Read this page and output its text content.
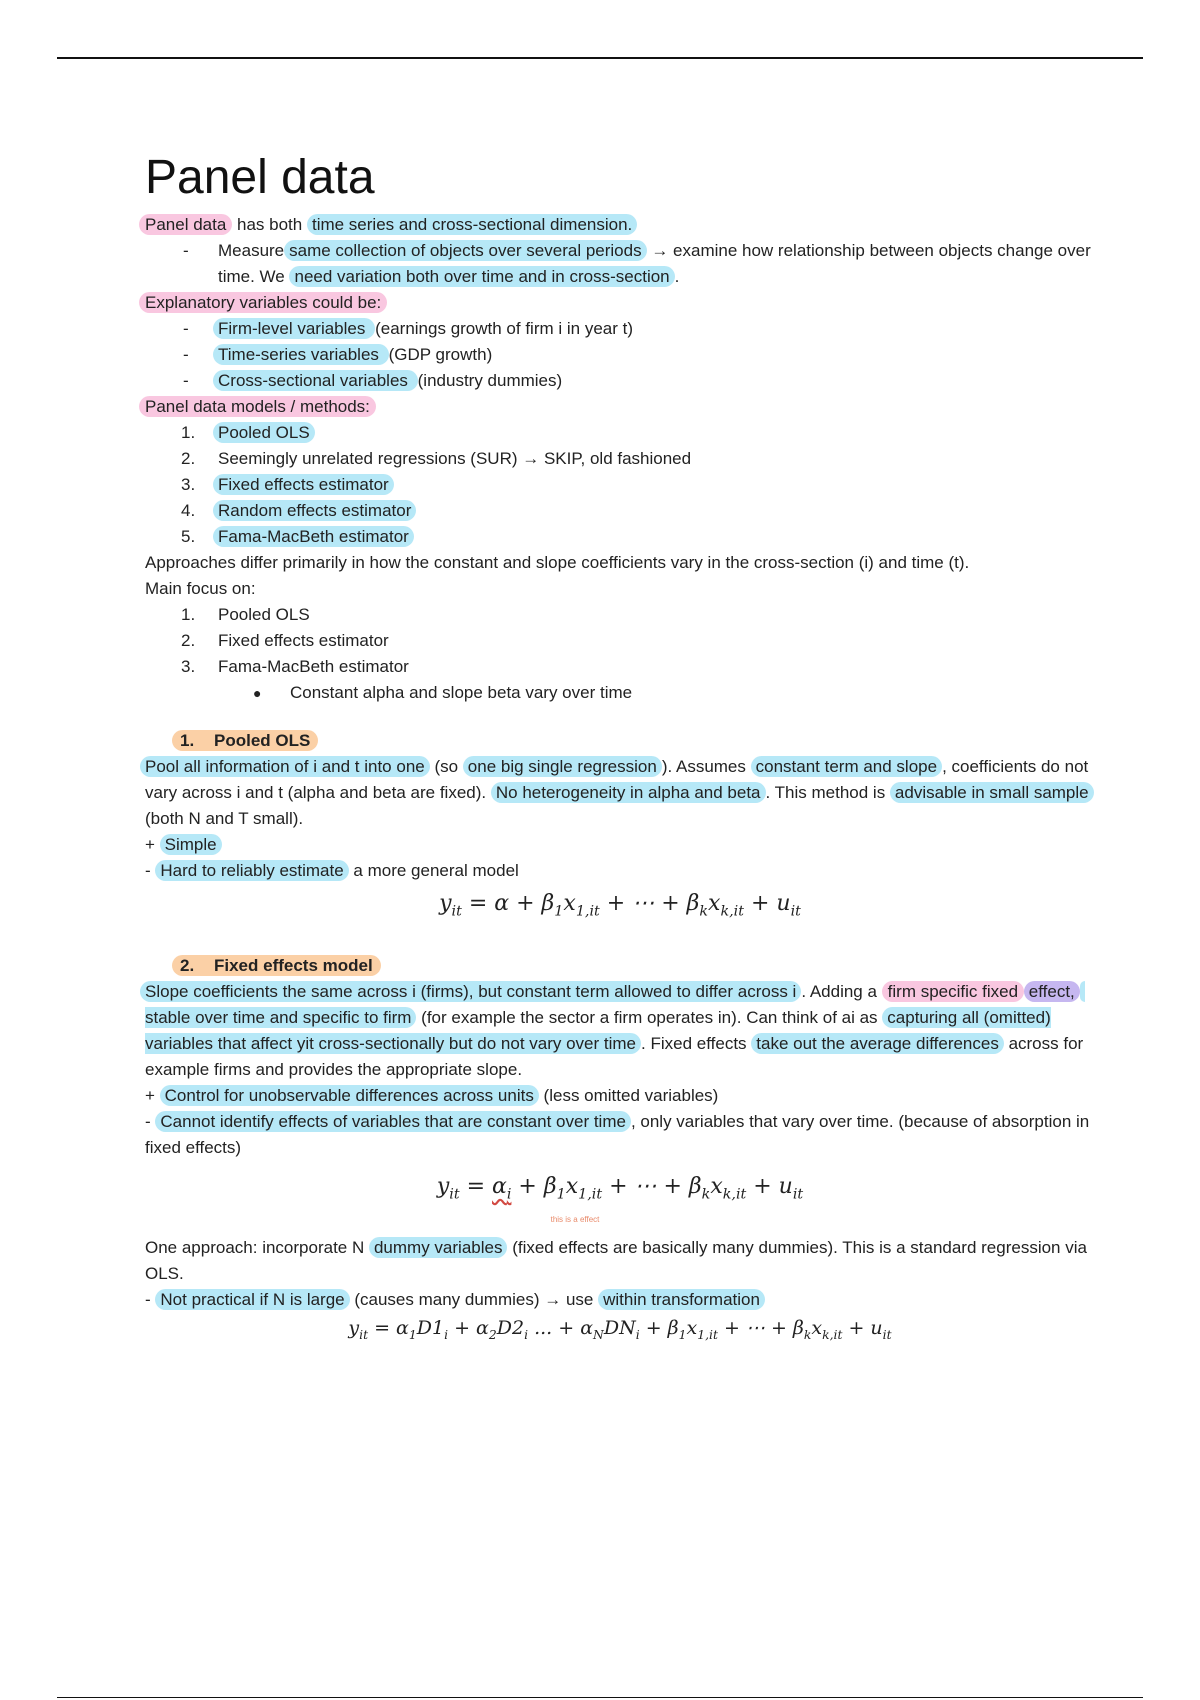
Panel data
Panel data has both time series and cross-sectional dimension.
-	Measure same collection of objects over several periods → examine how relationship between objects change over time. We need variation both over time and in cross-section .
Explanatory variables could be:
-	Firm-level variables (earnings growth of firm i in year t)
-	Time-series variables (GDP growth)
-	Cross-sectional variables (industry dummies)
Panel data models / methods:
1.	Pooled OLS
2.	Seemingly unrelated regressions (SUR) → SKIP, old fashioned
3.	Fixed effects estimator
4.	Random effects estimator
5.	Fama-MacBeth estimator
Approaches differ primarily in how the constant and slope coefficients vary in the cross-section (i) and time (t).
Main focus on:
1.	Pooled OLS
2.	Fixed effects estimator
3.	Fama-MacBeth estimator
●	Constant alpha and slope beta vary over time
1. Pooled OLS
Pool all information of i and t into one (so one big single regression ). Assumes constant term and slope , coefficients do not vary across i and t (alpha and beta are fixed). No heterogeneity in alpha and beta . This method is advisable in small sample (both N and T small).
+ Simple
- Hard to reliably estimate a more general model
$y_{it} = \alpha + \beta_1x_{1,it}$ + ⋯ + $\beta_kx_{k,it} + u_{it}$
2. Fixed effects model
Slope coefficients the same across i (firms), but constant term allowed to differ across i . Adding a firm specific fixed effect, stable over time and specific to firm (for example the sector a firm operates in). Can think of ai as capturing all (omitted) variables that affect yit cross-sectionally but do not vary over time . Fixed effects take out the average differences across for example firms and provides the appropriate slope.
+ Control for unobservable differences across units (less omitted variables)
- Cannot identify effects of variables that are constant over time , only variables that vary over time. (because of absorption in fixed effects)
$y_{it} = \alpha_i + \beta_1x_{1,it}$ + ⋯ + $\beta_kx_{k,it} + u_{it}$
this is a effect
One approach: incorporate N dummy variables (fixed effects are basically many dummies). This is a standard regression via OLS.
- Not practical if N is large (causes many dummies) → use within transformation
$y_{it} = \alpha_1D1_i + \alpha_2D2_i$ ... + $\alpha_NDN_i + \beta_1x_{1,it}$ + ⋯ + $\beta_kx_{k,it} + u_{it}$
